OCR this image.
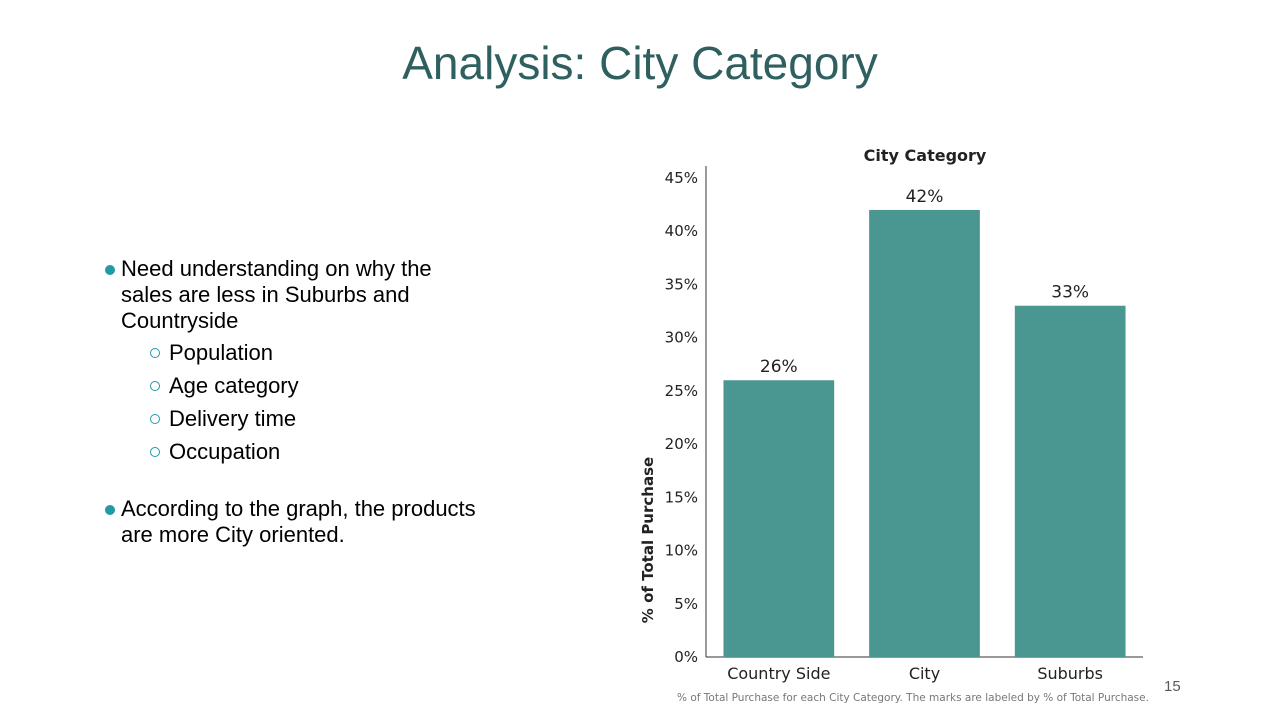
Analysis: City Category
Need understanding on why the sales are less in Suburbs and Countryside
Population
Age category
Delivery time
Occupation
According to the graph, the products are more City oriented.
City Category
% of Total Purchase
0%
5%
10%
15%
20%
25%
30%
35%
40%
45%
26%
Country Side
42%
City
33%
Suburbs
% of Total Purchase for each City Category. The marks are labeled by % of Total Purchase.
15
